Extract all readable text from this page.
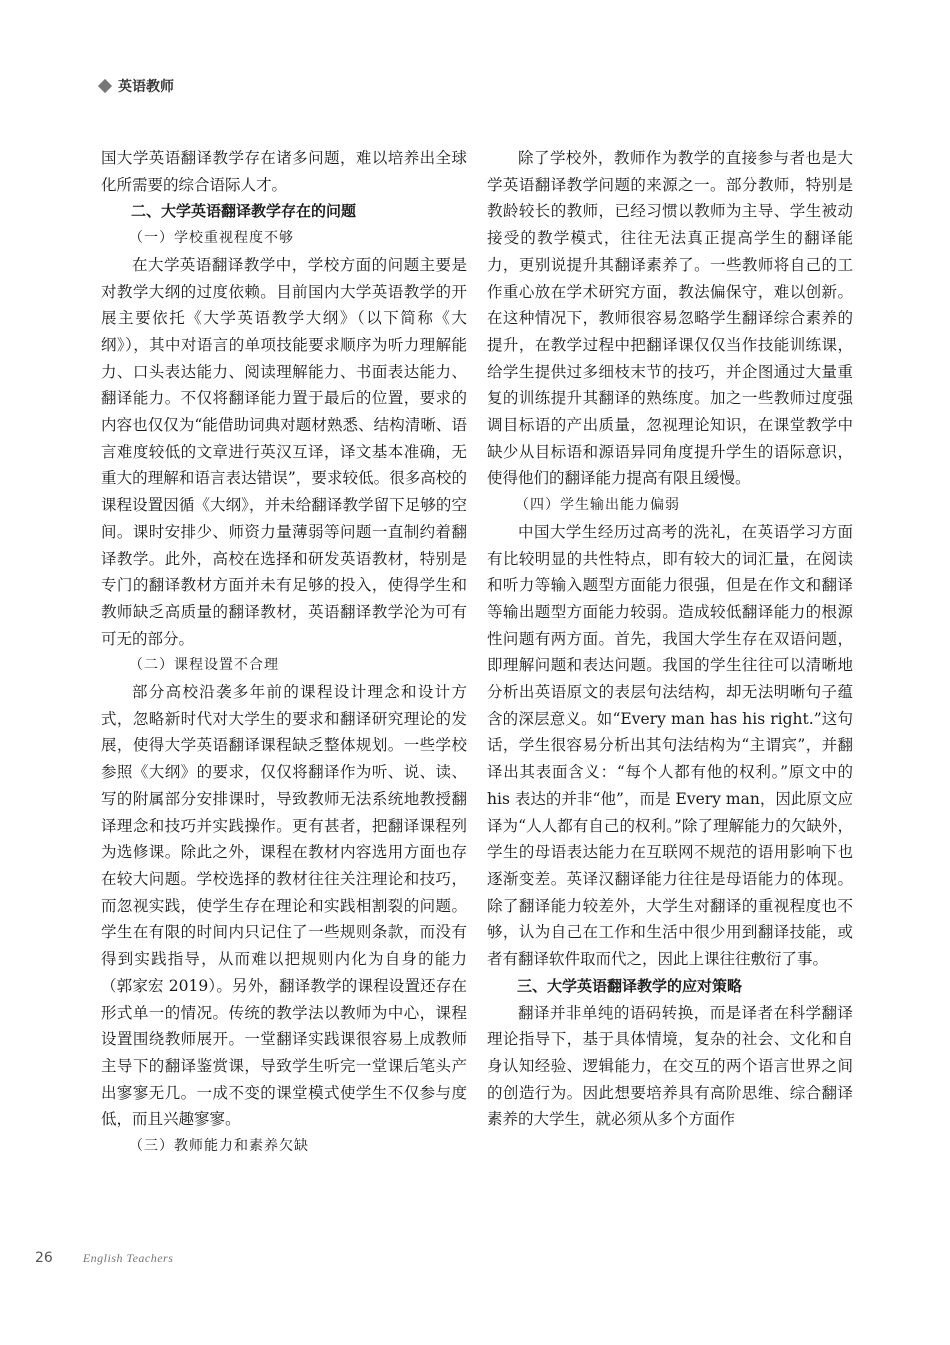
英语教师

国大学英语翻译教学存在诸多问题，难以培养出全球化所需要的综合语际人才。

二、大学英语翻译教学存在的问题

（一）学校重视程度不够

在大学英语翻译教学中，学校方面的问题主要是对教学大纲的过度依赖。目前国内大学英语教学的开展主要依托《大学英语教学大纲》（以下简称《大纲》），其中对语言的单项技能要求顺序为听力理解能力、口头表达能力、阅读理解能力、书面表达能力、翻译能力。不仅将翻译能力置于最后的位置，要求的内容也仅仅为“能借助词典对题材熟悉、结构清晰、语言难度较低的文章进行英汉互译，译文基本准确，无重大的理解和语言表达错误”，要求较低。很多高校的课程设置因循《大纲》，并未给翻译教学留下足够的空间。课时安排少、师资力量薄弱等问题一直制约着翻译教学。此外，高校在选择和研发英语教材，特别是专门的翻译教材方面并未有足够的投入，使得学生和教师缺乏高质量的翻译教材，英语翻译教学沦为可有可无的部分。

（二）课程设置不合理

部分高校沿袭多年前的课程设计理念和设计方式，忽略新时代对大学生的要求和翻译研究理论的发展，使得大学英语翻译课程缺乏整体规划。一些学校参照《大纲》的要求，仅仅将翻译作为听、说、读、写的附属部分安排课时，导致教师无法系统地教授翻译理念和技巧并实践操作。更有甚者，把翻译课程列为选修课。除此之外，课程在教材内容选用方面也存在较大问题。学校选择的教材往往关注理论和技巧，而忽视实践，使学生存在理论和实践相割裂的问题。学生在有限的时间内只记住了一些规则条款，而没有得到实践指导，从而难以把规则内化为自身的能力（郭家宏 2019）。另外，翻译教学的课程设置还存在形式单一的情况。传统的教学法以教师为中心，课程设置围绕教师展开。一堂翻译实践课很容易上成教师主导下的翻译鉴赏课，导致学生听完一堂课后笔头产出寥寥无几。一成不变的课堂模式使学生不仅参与度低，而且兴趣寥寥。

（三）教师能力和素养欠缺

除了学校外，教师作为教学的直接参与者也是大学英语翻译教学问题的来源之一。部分教师，特别是教龄较长的教师，已经习惯以教师为主导、学生被动接受的教学模式，往往无法真正提高学生的翻译能力，更别说提升其翻译素养了。一些教师将自己的工作重心放在学术研究方面，教法偏保守，难以创新。在这种情况下，教师很容易忽略学生翻译综合素养的提升，在教学过程中把翻译课仅仅当作技能训练课，给学生提供过多细枝末节的技巧，并企图通过大量重复的训练提升其翻译的熟练度。加之一些教师过度强调目标语的产出质量，忽视理论知识，在课堂教学中缺少从目标语和源语异同角度提升学生的语际意识，使得他们的翻译能力提高有限且缓慢。

（四）学生输出能力偏弱

中国大学生经历过高考的洗礼，在英语学习方面有比较明显的共性特点，即有较大的词汇量，在阅读和听力等输入题型方面能力很强，但是在作文和翻译等输出题型方面能力较弱。造成较低翻译能力的根源性问题有两方面。首先，我国大学生存在双语问题，即理解问题和表达问题。我国的学生往往可以清晰地分析出英语原文的表层句法结构，却无法明晰句子蕴含的深层意义。如“Every man has his right.”这句话，学生很容易分析出其句法结构为“主谓宾”，并翻译出其表面含义：“每个人都有他的权利。”原文中的 his 表达的并非“他”，而是 Every man，因此原文应译为“人人都有自己的权利。”除了理解能力的欠缺外，学生的母语表达能力在互联网不规范的语用影响下也逐渐变差。英译汉翻译能力往往是母语能力的体现。除了翻译能力较差外，大学生对翻译的重视程度也不够，认为自己在工作和生活中很少用到翻译技能，或者有翻译软件取而代之，因此上课往往敷衍了事。

三、大学英语翻译教学的应对策略

翻译并非单纯的语码转换，而是译者在科学翻译理论指导下，基于具体情境，复杂的社会、文化和自身认知经验、逻辑能力，在交互的两个语言世界之间的创造行为。因此想要培养具有高阶思维、综合翻译素养的大学生，就必须从多个方面作

26	English Teachers
